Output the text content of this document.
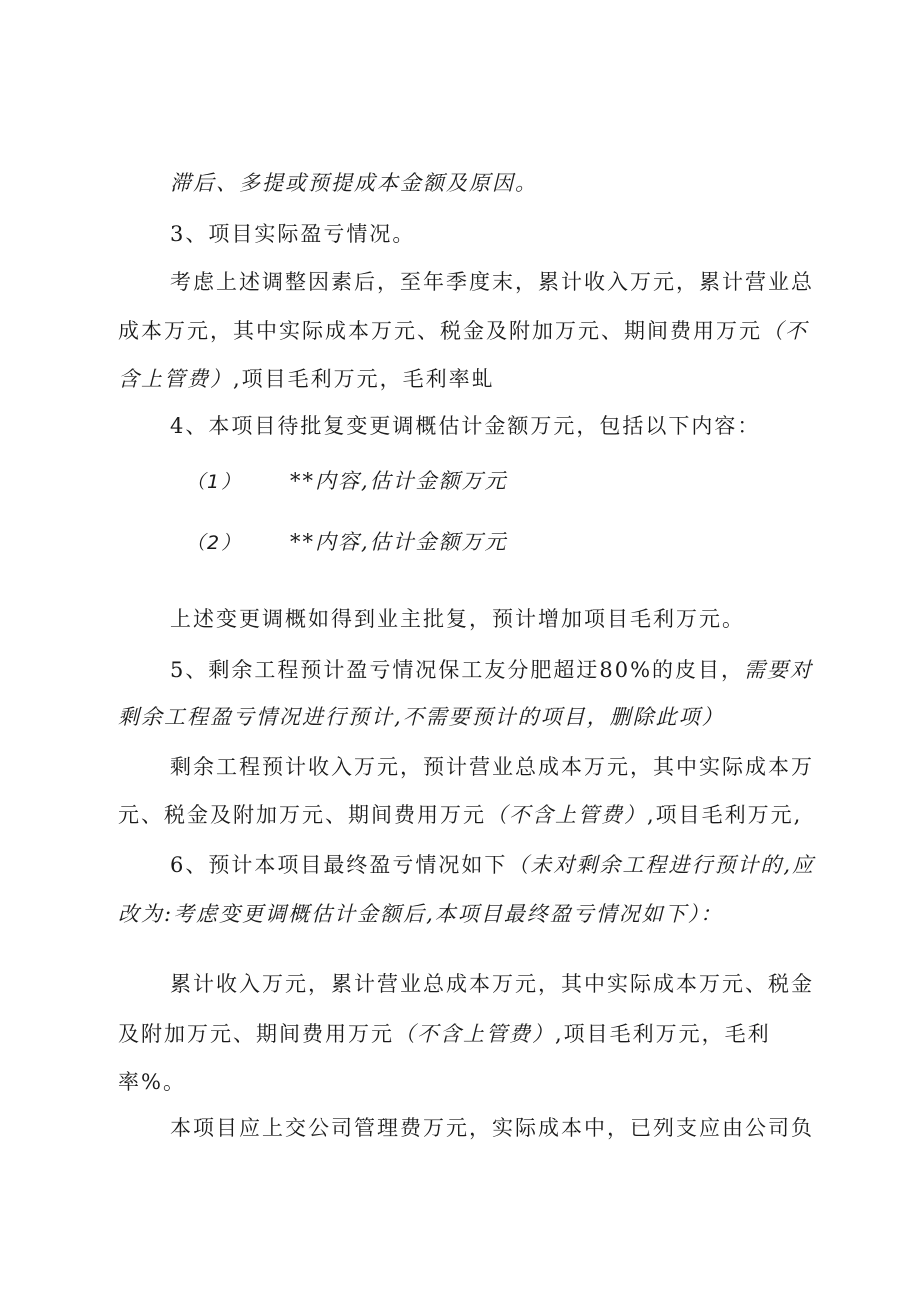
滞后、多提或预提成本金额及原因。
3、项目实际盈亏情况。
考虑上述调整因素后，至年季度末，累计收入万元，累计营业总
成本万元，其中实际成本万元、税金及附加万元、期间费用万元（不
含上管费）,项目毛利万元，毛利率虬
4、本项目待批复变更调概估计金额万元，包括以下内容：
（1） **内容,估计金额万元
（2） **内容,估计金额万元
上述变更调概如得到业主批复，预计增加项目毛利万元。
5、剩余工程预计盈亏情况保工友分肥超迂80%的皮目，需要对
剩余工程盈亏情况进行预计,不需要预计的项目，删除此项）
剩余工程预计收入万元，预计营业总成本万元，其中实际成本万
元、税金及附加万元、期间费用万元（不含上管费）,项目毛利万元,
6、预计本项目最终盈亏情况如下（未对剩余工程进行预计的,应
改为:考虑变更调概估计金额后,本项目最终盈亏情况如下）：
累计收入万元，累计营业总成本万元，其中实际成本万元、税金
及附加万元、期间费用万元（不含上管费）,项目毛利万元，毛利
率%。
本项目应上交公司管理费万元，实际成本中，已列支应由公司负
